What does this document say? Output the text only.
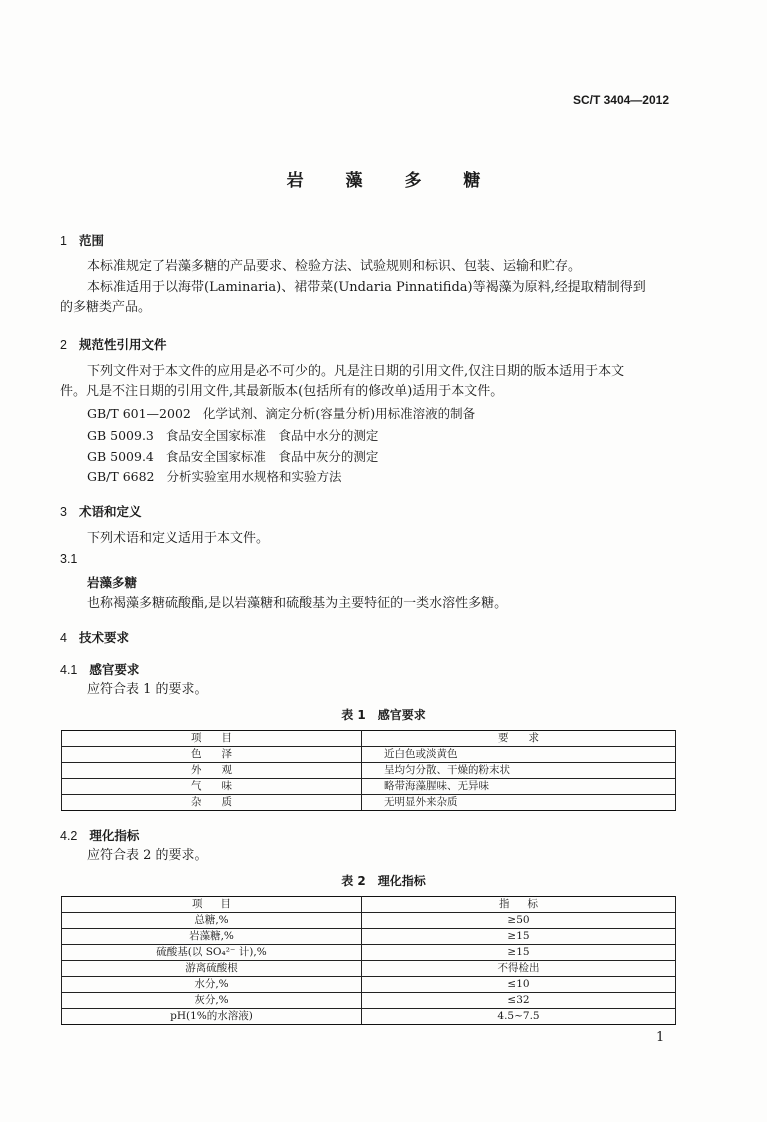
SC/T 3404—2012
岩 藻 多 糖
1 范围
本标准规定了岩藻多糖的产品要求、检验方法、试验规则和标识、包装、运输和贮存。
本标准适用于以海带(Laminaria)、裙带菜(Undaria Pinnatifida)等褐藻为原料,经提取精制得到
的多糖类产品。
2 规范性引用文件
下列文件对于本文件的应用是必不可少的。凡是注日期的引用文件,仅注日期的版本适用于本文
件。凡是不注日期的引用文件,其最新版本(包括所有的修改单)适用于本文件。
GB/T 601—2002 化学试剂、滴定分析(容量分析)用标准溶液的制备
GB 5009.3 食品安全国家标准　食品中水分的测定
GB 5009.4 食品安全国家标准　食品中灰分的测定
GB/T 6682 分析实验室用水规格和实验方法
3 术语和定义
下列术语和定义适用于本文件。
3.1
岩藻多糖
也称褐藻多糖硫酸酯,是以岩藻糖和硫酸基为主要特征的一类水溶性多糖。
4 技术要求
4.1 感官要求
应符合表 1 的要求。
表 1　感官要求
项目	要求
色泽	近白色或淡黄色
外观	呈均匀分散、干燥的粉末状
气味	略带海藻腥味、无异味
杂质	无明显外来杂质
4.2 理化指标
应符合表 2 的要求。
表 2　理化指标
项目	指标
总糖,%	≥50
岩藻糖,%	≥15
硫酸基(以 SO₄²⁻ 计),%	≥15
游离硫酸根	不得检出
水分,%	≤10
灰分,%	≤32
pH(1%的水溶液)	4.5~7.5
1
